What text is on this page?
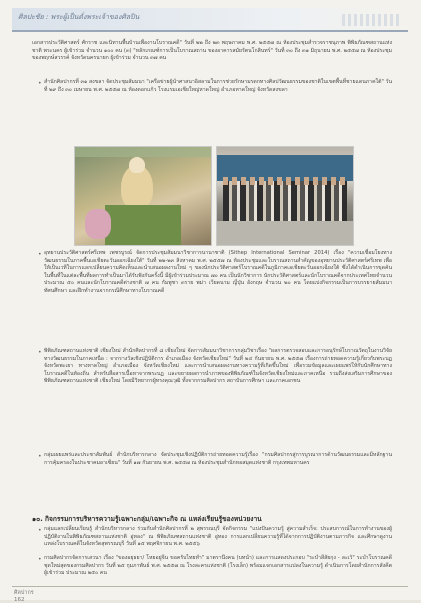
ศิลปะชัย : พระผู้เป็นดั่งพระเจ้าของศิลปิน
เอกสารประวัติศาสตร์ ศักราช และนิทานพื้นบ้านเพื่องานโบราณคดี" วันที่ ๒๒ ถึง ๒๓ พฤษภาคม พ.ศ. ๒๕๕๗ ณ ห้องประชุมสำรวจราชนุภาพ พิพิธภัณฑสถานแห่งชาติ พระนคร ผู้เข้าร่วม จำนวน ๑๐๐ คน (๓) "หลักเกณฑ์การเป็นโบราณสถาน ของอาคารสมัยรัตนโกสินทร์" วันที่ ๓๐ ถึง ๓๑ มิถุนายน พ.ศ. ๒๕๕๗ ณ ห้องประชุม ของพฤกษ์สวรรค์ จังหวัดนครนายก ผู้เข้าร่วม จำนวน ๓๗ คน
• สำนักศิลปากรที่ ๓๑ สงขลา จัดประชุมสัมมนา "เครือข่ายผู้นำศาสนาอิสลามในการช่วยรักษามรดกทางศิลปวัฒนธรรมของชาติในเขตพื้นที่ชายแดนภาคใต้" วันที่ ๒๙ ถึง ๓๐ เมษายน พ.ศ. ๒๕๕๗ ณ ห้องดอกแก้ว โรงแรมเอเชียใหญ่หาดใหญ่ อำเภอหาดใหญ่ จังหวัดสงขลา
• อุทยานประวัติศาสตร์ศรีเทพ เพชรบูรณ์ จัดการประชุมสัมมนาวิชาการนานาชาติ (Sithep International Seminar 2014) เรื่อง "ความเชื่อมโยงทางวัฒนธรรมในภาคพื้นเอเชียตะวันออกเฉียงใต้" วันที่ ๒๒-๒๓ สิงหาคม พ.ศ. ๒๕๕๗ ณ ห้องประชุมและโบราณสถานสำคัญของอุทยานประวัติศาสตร์ศรีเทพ เพื่อให้เป็นเวทีในการแลกเปลี่ยนความคิดเห็นและนำเสนอผลงานใหม่ ๆ ของนักประวัติศาสตร์โบราณคดีในภูมิภาคเอเชียตะวันออกเฉียงใต้ ซึ่งได้ดำเนินการขุดค้นในพื้นที่ในแต่ละพื้นที่ผลการทำเป็นมาได้รับฟังกันครั้งนี้ มีผู้เข้าร่วมประมาณ ๗๐ คน เป็นนักวิชาการ นักประวัติศาสตร์และนักโบราณคดีจากประเทศไทยจำนวนประมาณ ๕๐ คนและนักโบราณคดีต่างชาติ ๗ คน กัมพูชา ๓ราย พม่า เวียดนาม ญี่ปุ่น อังกฤษ จำนวน ๒๐ คน โดยแบ่งกิจกรรมเป็นการบรรยายสัมมนา ทัศนศึกษา และฝึกทำงานจากกรณีศึกษาทางโบราณคดี
• พิพิธภัณฑสถานแห่งชาติ เชียงใหม่ สำนักศิลปากรที่ ๘ เชียงใหม่ จัดการสัมมนาวิชาการกลุ่มวิชาเรื่อง "ผลการตรวจสอบและการอนุรักษ์โบราณวัตถุในงานวิจัยทางวัฒนธรรมในภาคเหนือ : จากรางวัลเชิงปฏิบัติการ อำเภอเมือง จังหวัดเชียงใหม่" วันที่ ๒๔ กันยายน พ.ศ. ๒๕๕๗ เรื่องการถ่ายทอดความรู้เกี่ยวกับพระบฏ จังหวัดพะเยา ทางหาดใหญ่ อำเภอเมือง จังหวัดเชียงใหม่ และการนำเสนอผลงานทางความรู้ที่เกิดขึ้นใหม่ เพื่อรวมข้อมูลและเผยแพร่ให้กับนักศึกษาทางโบราณคดีในท้องถิ่น สำหรับสื่อสารเนื้อหาจากพระบฏ และขยายผลการนำภาพของพิพิธภัณฑ์ในจังหวัดเชียงใหม่และภาคเหนือ รวมถึงส่งเสริมการศึกษาของพิพิธภัณฑสถานแห่งชาติ เชียงใหม่ โดยมีวิทยากรผู้ทรงคุณวุฒิ ทั้งจากกรมศิลปากร สถาบันการศึกษา และภาคเอกชน
• กลุ่มเผยแพร่และประชาสัมพันธ์ สำนักบริหารกลาง จัดประชุมเชิงปฏิบัติการถ่ายทอดความรู้เรื่อง "กรมศิลปากรสู่การบูรณาการด้านวัฒนธรรมและมีหลักฐานการคุ้มครองในประชาคมอาเซียน" วันที่ ๑๗ กันยายน พ.ศ. ๒๕๕๗ ณ ห้องประชุมสำนักหอสมุดแห่งชาติ กรุงเทพมหานคร
๑๐. กิจกรรมการบริหารความรู้เฉพาะกลุ่ม/เฉพาะกิจ ณ แหล่งเรียนรู้ของหน่วยงาน
• กลุ่มแลกเปลี่ยนเรียนรู้ สำนักบริหารกลาง ร่วมกับสำนักศิลปากรที่ ๒ สุพรรณบุรี จัดกิจกรรม "แบ่งปันความรู้ สู่ความสำเร็จ: ประสบการณ์ในการทำงานของผู้ปฏิบัติงานในพิพิธภัณฑสถานแห่งชาติ อู่ทอง" ณ พิพิธภัณฑสถานแห่งชาติ อู่ทอง การแลกเปลี่ยนความรู้ที่ได้จากการปฏิบัติงานตามภารกิจ และศึกษาดูงานแหล่งโบราณคดีในจังหวัดสุพรรณบุรี วันที่ ๑๕ พฤศจิกายน พ.ศ. ๒๕๕๖
• กรมศิลปากรจัดการเสวนา เรื่อง "ของอยุธยา/ โหยอยู่จีน ขอครับไทยทำ" มาตรานึงคน (บทนำ) และการแสดงประกอบ "ระบำสีสัยกุง - ละเว้" ระบำโบราณคดีชุดใหม่สุดของกรมศิลปากร วันที่ ๒๕ กุมภาพันธ์ พ.ศ. ๒๕๕๗ ณ โรงละครแห่งชาติ (โรงเล็ก) พร้อมแจกเอกสารแปลงในความรู้ ดำเนินการโดยสำนักการสังคีต ผู้เข้าร่วม ประมาณ ๒๕๐ คน
ศิลปากร
162
